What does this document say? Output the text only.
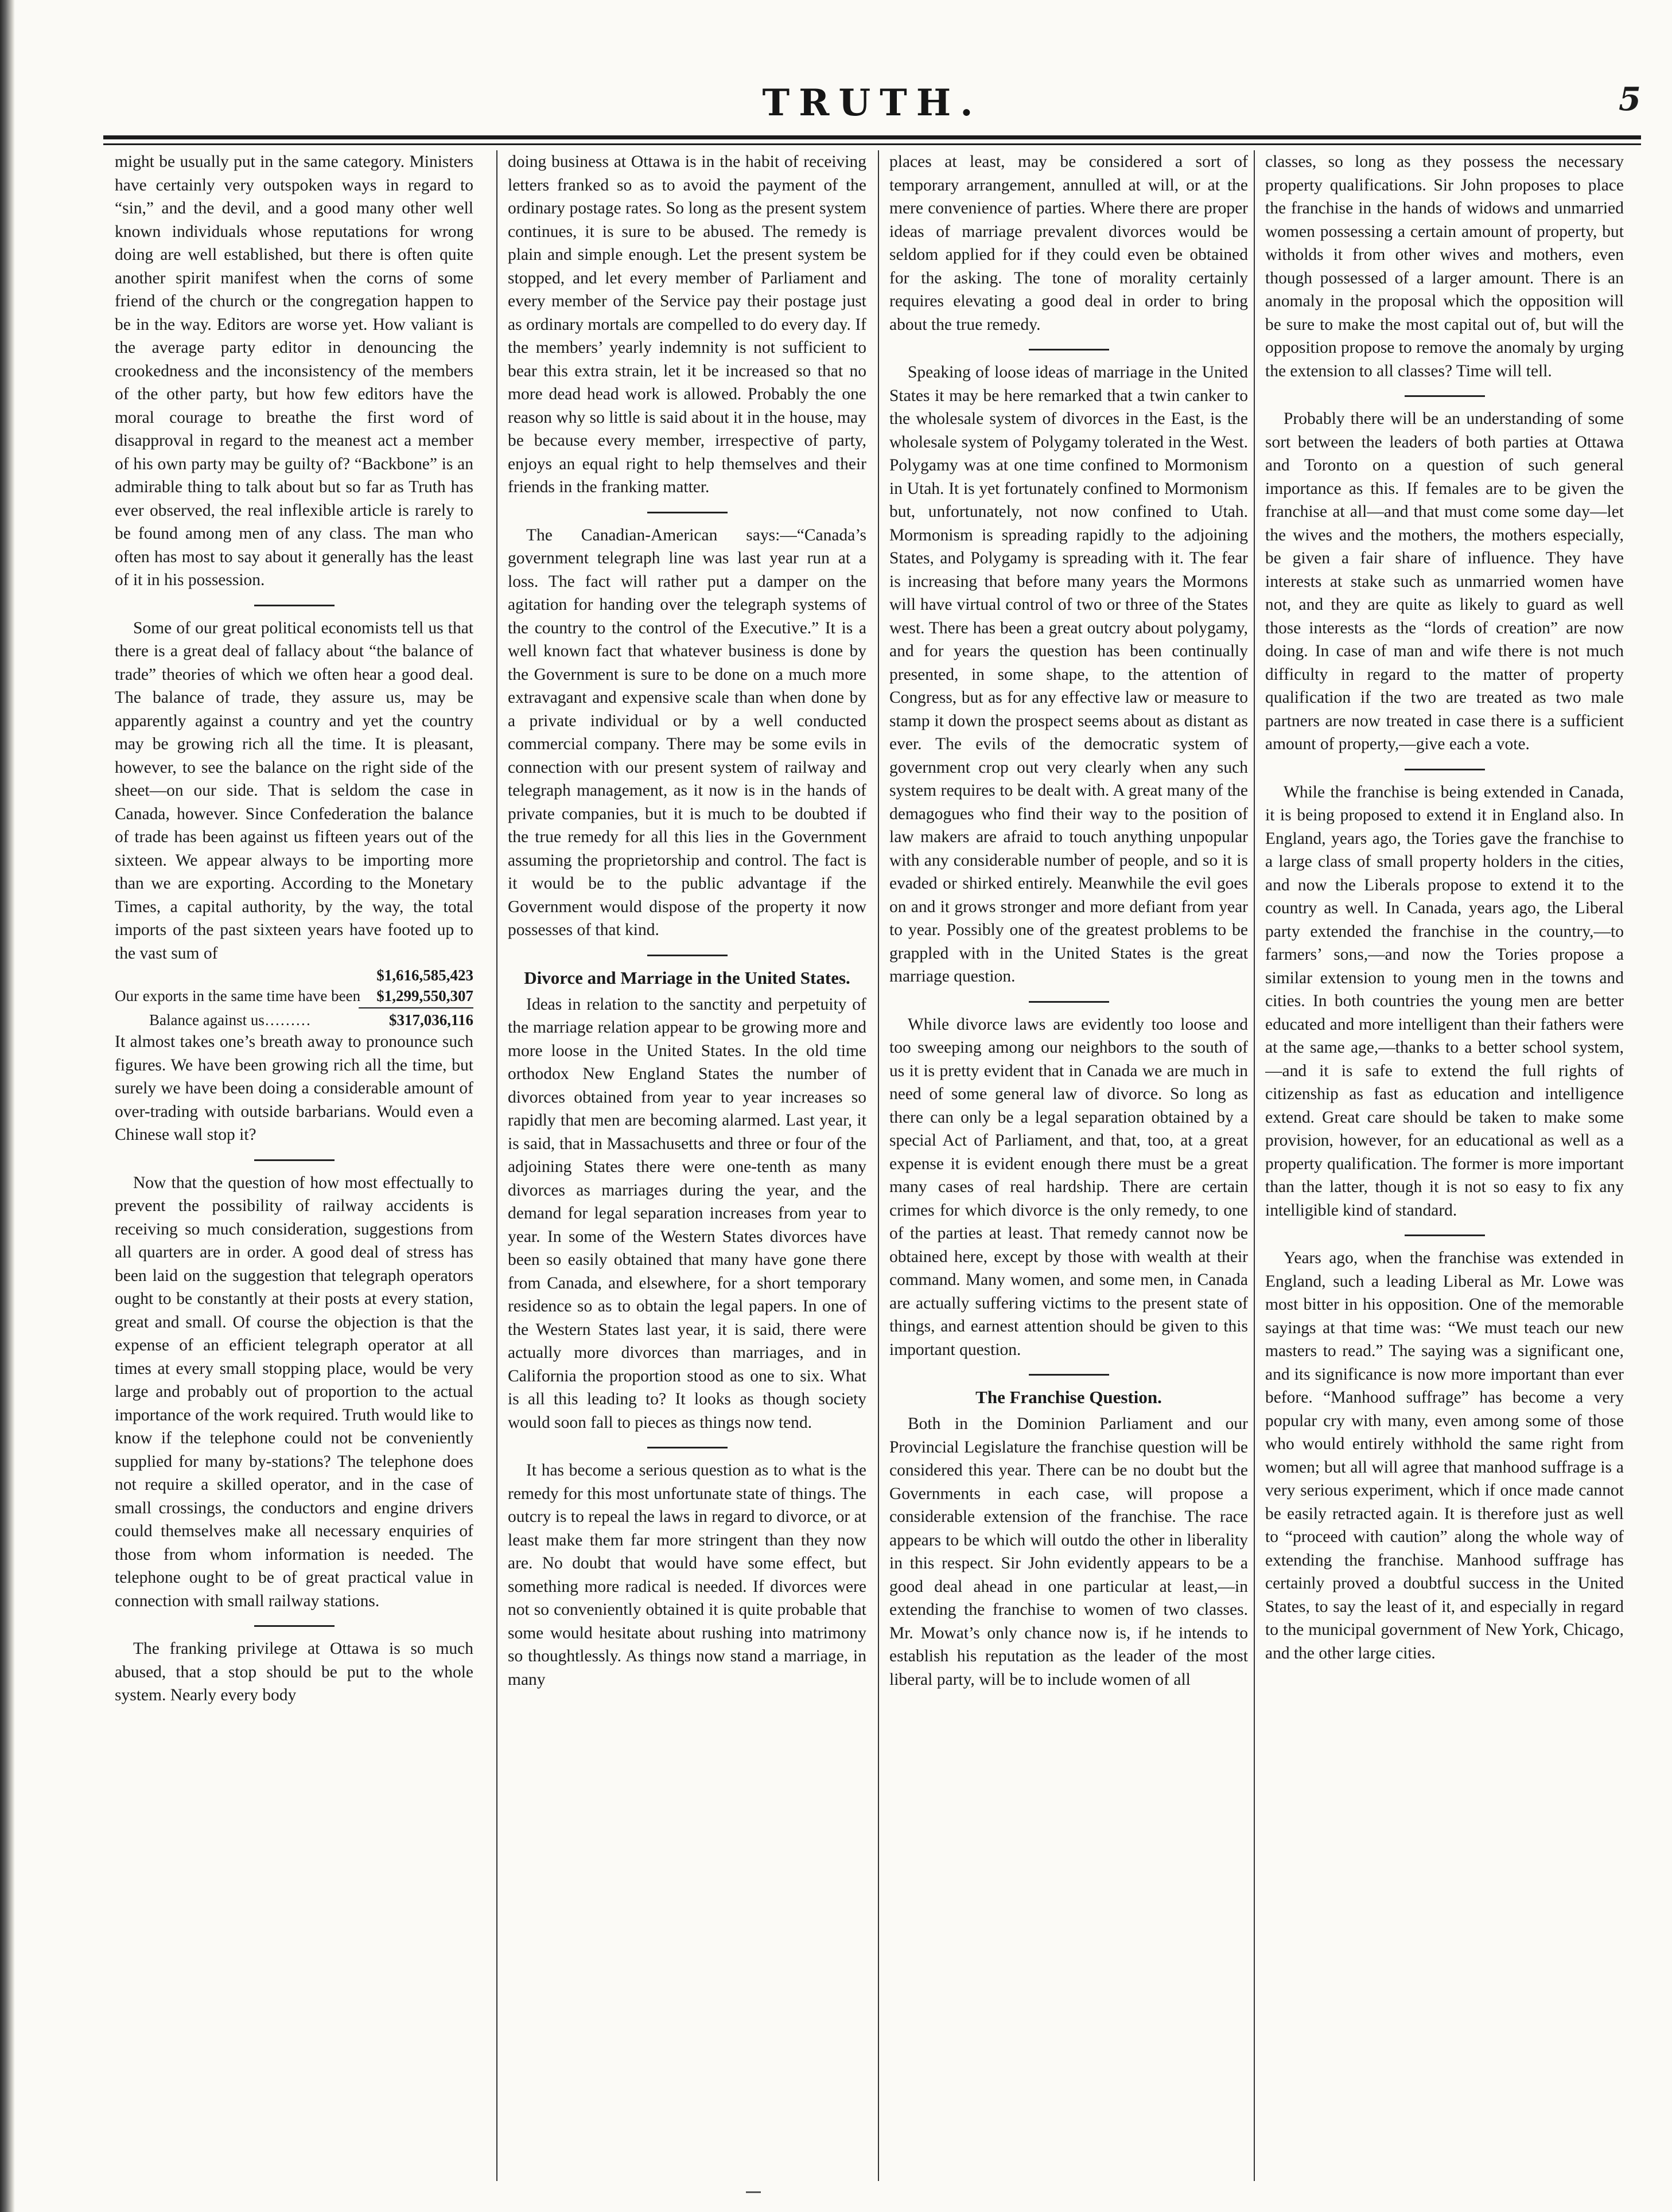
TRUTH.	5

might be usually put in the same category. Ministers have certainly very outspoken ways in regard to “sin,” and the devil, and a good many other well known individuals whose reputations for wrong doing are well established, but there is often quite another spirit manifest when the corns of some friend of the church or the congregation happen to be in the way. Editors are worse yet. How valiant is the average party editor in denouncing the crookedness and the inconsistency of the members of the other party, but how few editors have the moral courage to breathe the first word of disapproval in regard to the meanest act a member of his own party may be guilty of? “Backbone” is an admirable thing to talk about but so far as Truth has ever observed, the real inflexible article is rarely to be found among men of any class. The man who often has most to say about it generally has the least of it in his possession.

Some of our great political economists tell us that there is a great deal of fallacy about “the balance of trade” theories of which we often hear a good deal. The balance of trade, they assure us, may be apparently against a country and yet the country may be growing rich all the time. It is pleasant, however, to see the balance on the right side of the sheet—on our side. That is seldom the case in Canada, however. Since Confederation the balance of trade has been against us fifteen years out of the sixteen. We appear always to be importing more than we are exporting. According to the Monetary Times, a capital authority, by the way, the total imports of the past sixteen years have footed up to the vast sum of

$1,616,585,423
Our exports in the same time have been $1,299,550,307
Balance against us………	$317,036,116

It almost takes one’s breath away to pronounce such figures. We have been growing rich all the time, but surely we have been doing a considerable amount of over-trading with outside barbarians. Would even a Chinese wall stop it?

Now that the question of how most effectually to prevent the possibility of railway accidents is receiving so much consideration, suggestions from all quarters are in order. A good deal of stress has been laid on the suggestion that telegraph operators ought to be constantly at their posts at every station, great and small. Of course the objection is that the expense of an efficient telegraph operator at all times at every small stopping place, would be very large and probably out of proportion to the actual importance of the work required. Truth would like to know if the telephone could not be conveniently supplied for many by-stations? The telephone does not require a skilled operator, and in the case of small crossings, the conductors and engine drivers could themselves make all necessary enquiries of those from whom information is needed. The telephone ought to be of great practical value in connection with small railway stations.

The franking privilege at Ottawa is so much abused, that a stop should be put to the whole system. Nearly every body

doing business at Ottawa is in the habit of receiving letters franked so as to avoid the payment of the ordinary postage rates. So long as the present system continues, it is sure to be abused. The remedy is plain and simple enough. Let the present system be stopped, and let every member of Parliament and every member of the Service pay their postage just as ordinary mortals are compelled to do every day. If the members’ yearly indemnity is not sufficient to bear this extra strain, let it be increased so that no more dead head work is allowed. Probably the one reason why so little is said about it in the house, may be because every member, irrespective of party, enjoys an equal right to help themselves and their friends in the franking matter.

The Canadian-American says:—“Canada’s government telegraph line was last year run at a loss. The fact will rather put a damper on the agitation for handing over the telegraph systems of the country to the control of the Executive.” It is a well known fact that whatever business is done by the Government is sure to be done on a much more extravagant and expensive scale than when done by a private individual or by a well conducted commercial company. There may be some evils in connection with our present system of railway and telegraph management, as it now is in the hands of private companies, but it is much to be doubted if the true remedy for all this lies in the Government assuming the proprietorship and control. The fact is it would be to the public advantage if the Government would dispose of the property it now possesses of that kind.

Divorce and Marriage in the United States.

Ideas in relation to the sanctity and perpetuity of the marriage relation appear to be growing more and more loose in the United States. In the old time orthodox New England States the number of divorces obtained from year to year increases so rapidly that men are becoming alarmed. Last year, it is said, that in Massachusetts and three or four of the adjoining States there were one-tenth as many divorces as marriages during the year, and the demand for legal separation increases from year to year. In some of the Western States divorces have been so easily obtained that many have gone there from Canada, and elsewhere, for a short temporary residence so as to obtain the legal papers. In one of the Western States last year, it is said, there were actually more divorces than marriages, and in California the proportion stood as one to six. What is all this leading to? It looks as though society would soon fall to pieces as things now tend.

It has become a serious question as to what is the remedy for this most unfortunate state of things. The outcry is to repeal the laws in regard to divorce, or at least make them far more stringent than they now are. No doubt that would have some effect, but something more radical is needed. If divorces were not so conveniently obtained it is quite probable that some would hesitate about rushing into matrimony so thoughtlessly. As things now stand a marriage, in many

places at least, may be considered a sort of temporary arrangement, annulled at will, or at the mere convenience of parties. Where there are proper ideas of marriage prevalent divorces would be seldom applied for if they could even be obtained for the asking. The tone of morality certainly requires elevating a good deal in order to bring about the true remedy.

Speaking of loose ideas of marriage in the United States it may be here remarked that a twin canker to the wholesale system of divorces in the East, is the wholesale system of Polygamy tolerated in the West. Polygamy was at one time confined to Mormonism in Utah. It is yet fortunately confined to Mormonism but, unfortunately, not now confined to Utah. Mormonism is spreading rapidly to the adjoining States, and Polygamy is spreading with it. The fear is increasing that before many years the Mormons will have virtual control of two or three of the States west. There has been a great outcry about polygamy, and for years the question has been continually presented, in some shape, to the attention of Congress, but as for any effective law or measure to stamp it down the prospect seems about as distant as ever. The evils of the democratic system of government crop out very clearly when any such system requires to be dealt with. A great many of the demagogues who find their way to the position of law makers are afraid to touch anything unpopular with any considerable number of people, and so it is evaded or shirked entirely. Meanwhile the evil goes on and it grows stronger and more defiant from year to year. Possibly one of the greatest problems to be grappled with in the United States is the great marriage question.

While divorce laws are evidently too loose and too sweeping among our neighbors to the south of us it is pretty evident that in Canada we are much in need of some general law of divorce. So long as there can only be a legal separation obtained by a special Act of Parliament, and that, too, at a great expense it is evident enough there must be a great many cases of real hardship. There are certain crimes for which divorce is the only remedy, to one of the parties at least. That remedy cannot now be obtained here, except by those with wealth at their command. Many women, and some men, in Canada are actually suffering victims to the present state of things, and earnest attention should be given to this important question.

The Franchise Question.

Both in the Dominion Parliament and our Provincial Legislature the franchise question will be considered this year. There can be no doubt but the Governments in each case, will propose a considerable extension of the franchise. The race appears to be which will outdo the other in liberality in this respect. Sir John evidently appears to be a good deal ahead in one particular at least,—in extending the franchise to women of two classes. Mr. Mowat’s only chance now is, if he intends to establish his reputation as the leader of the most liberal party, will be to include women of all

classes, so long as they possess the necessary property qualifications. Sir John proposes to place the franchise in the hands of widows and unmarried women possessing a certain amount of property, but witholds it from other wives and mothers, even though possessed of a larger amount. There is an anomaly in the proposal which the opposition will be sure to make the most capital out of, but will the opposition propose to remove the anomaly by urging the extension to all classes? Time will tell.

Probably there will be an understanding of some sort between the leaders of both parties at Ottawa and Toronto on a question of such general importance as this. If females are to be given the franchise at all—and that must come some day—let the wives and the mothers, the mothers especially, be given a fair share of influence. They have interests at stake such as unmarried women have not, and they are quite as likely to guard as well those interests as the “lords of creation” are now doing. In case of man and wife there is not much difficulty in regard to the matter of property qualification if the two are treated as two male partners are now treated in case there is a sufficient amount of property,—give each a vote.

While the franchise is being extended in Canada, it is being proposed to extend it in England also. In England, years ago, the Tories gave the franchise to a large class of small property holders in the cities, and now the Liberals propose to extend it to the country as well. In Canada, years ago, the Liberal party extended the franchise in the country,—to farmers’ sons,—and now the Tories propose a similar extension to young men in the towns and cities. In both countries the young men are better educated and more intelligent than their fathers were at the same age,—thanks to a better school system,—and it is safe to extend the full rights of citizenship as fast as education and intelligence extend. Great care should be taken to make some provision, however, for an educational as well as a property qualification. The former is more important than the latter, though it is not so easy to fix any intelligible kind of standard.

Years ago, when the franchise was extended in England, such a leading Liberal as Mr. Lowe was most bitter in his opposition. One of the memorable sayings at that time was: “We must teach our new masters to read.” The saying was a significant one, and its significance is now more important than ever before. “Manhood suffrage” has become a very popular cry with many, even among some of those who would entirely withhold the same right from women; but all will agree that manhood suffrage is a very serious experiment, which if once made cannot be easily retracted again. It is therefore just as well to “proceed with caution” along the whole way of extending the franchise. Manhood suffrage has certainly proved a doubtful success in the United States, to say the least of it, and especially in regard to the municipal government of New York, Chicago, and the other large cities.
